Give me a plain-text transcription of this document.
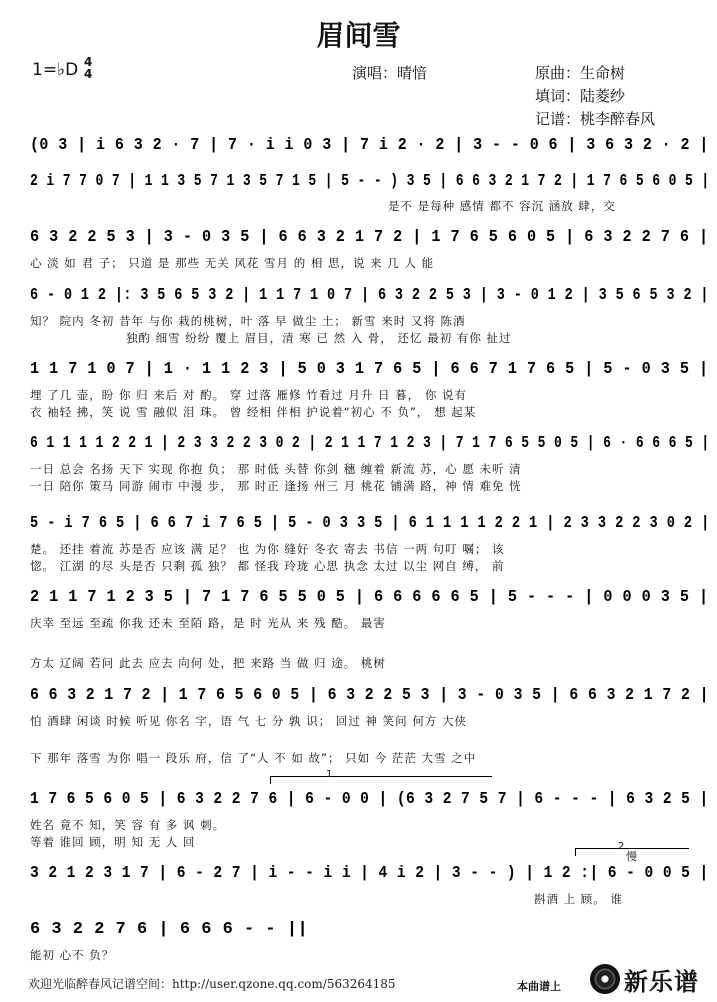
眉间雪
1=♭D 4
4	演唱：晴愔	原曲：生命树
填词：陆菱纱
记谱：桃李醉春风
(0 3 | i 6 3 2 · 7 | 7 · i i 0 3 | 7 i 2 · 2 | 3 - - 0 6 | 3 6 3 2 · 2 |
2 i 7 7 0 7 | 1 1 3 5 7 1 3 5 7 1 5 | 5 - - ) 3 5 | 6 6 3 2 1 7 2 | 1 7 6 5 6 0 5 |
是不 是每种 感情 都不 容沉 涵放 肆，交
6 3 2 2 5 3 | 3 - 0 3 5 | 6 6 3 2 1 7 2 | 1 7 6 5 6 0 5 | 6 3 2 2 7 6 |
心 淡 如 君 子； 只道 是 那些 无关 风花 雪月 的 相 思，说 来 几 人 能
6 - 0 1 2 |: 3 5 6 5 3 2 | 1 1 7 1 0 7 | 6 3 2 2 5 3 | 3 - 0 1 2 | 3 5 6 5 3 2 |
知？ 院内 冬初 昔年 与你 栽的桃树，叶 落 早 做尘 土； 新雪 来时 又将 陈酒
独酌 细雪 纷纷 覆上 眉目，清 寒 已 然 入 骨， 还忆 最初 有你 扯过
1 1 7 1 0 7 | 1 · 1 1 2 3 | 5 0 3 1 7 6 5 | 6 6 7 1 7 6 5 | 5 - 0 3 5 |
埋 了几 壶，盼 你 归 来后 对 酌。 穿 过落 雁修 竹看过 月升 日 暮， 你 说有
衣 袖轻 拂，笑 说 雪 融似 泪 珠。 曾 经相 伴相 护说着“初心 不 负”， 想 起某
6 1 1 1 1 2 2 1 | 2 3 3 2 2 3 0 2 | 2 1 1 7 1 2 3 | 7 1 7 6 5 5 0 5 | 6 · 6 6 6 5 |
一日 总会 名扬 天下 实现 你抱 负； 那 时低 头替 你剑 穗 缠着 新流 苏，心 愿 未听 清
一日 陪你 策马 同游 闹市 中漫 步， 那 时正 逢扬 州三 月 桃花 铺满 路，神 情 难免 恍
5 - i 7 6 5 | 6 6 7 i 7 6 5 | 5 - 0 3 3 5 | 6 1 1 1 1 2 2 1 | 2 3 3 2 2 3 0 2 |
楚。 还挂 着流 苏是否 应该 满 足？ 也 为你 缝好 冬衣 寄去 书信 一两 句叮 嘱； 该
惚。 江湖 的尽 头是否 只剩 孤 独？ 都 怪我 玲珑 心思 执念 太过 以尘 网自 缚， 前
2 1 1 7 1 2 3 5 | 7 1 7 6 5 5 0 5 | 6 6 6 6 6 5 | 5 - - - | 0 0 0 3 5 |
庆幸 至远 至疏 你我 还未 至陌 路，是 时 光从 来 残 酷。 最害
方太 辽阔 若问 此去 应去 向何 处，把 来路 当 做 归 途。 桃树
6 6 3 2 1 7 2 | 1 7 6 5 6 0 5 | 6 3 2 2 5 3 | 3 - 0 3 5 | 6 6 3 2 1 7 2 |
怕 酒肆 闲谈 时候 听见 你名 字，语 气 七 分 孰 识； 回过 神 笑问 何方 大侠
下 那年 落雪 为你 唱一 段乐 府，信 了“人 不 如 故”； 只如 今 茫茫 大雪 之中
1
1 7 6 5 6 0 5 | 6 3 2 2 7 6 | 6 - 0 0 | (6 3 2 7 5 7 | 6 - - - | 6 3 2 5 |
姓名 竟不 知，笑 容 有 多 讽 刺。
等着 谁回 顾，明 知 无 人 回	2
慢
3 2 1 2 3 1 7 | 6 - 2 7 | i - - i i | 4 i 2 | 3 - - ) | 1 2 :| 6 - 0 0 5 |
斟酒 上 顾。 谁
6 3 2 2 7 6 | 6 6 6 - - ||
能初 心不 负？
欢迎光临醉春风记谱空间：http://user.qzone.qq.com/563264185	本曲谱上	新乐谱
